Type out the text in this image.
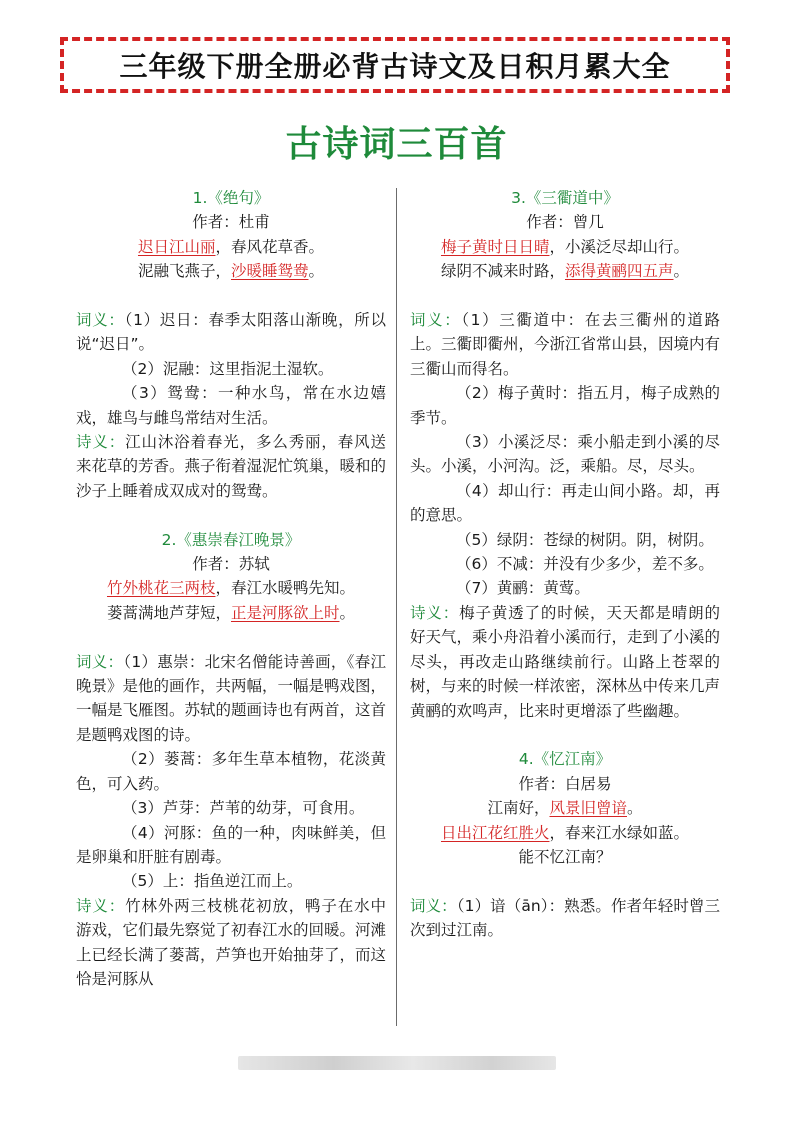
三年级下册全册必背古诗文及日积月累大全
古诗词三百首
1.《绝句》
作者：杜甫
迟日江山丽，春风花草香。
泥融飞燕子，沙暖睡鸳鸯。
词义：（1）迟日：春季太阳落山渐晚，所以说“迟日”。
（2）泥融：这里指泥土湿软。
（3）鸳鸯：一种水鸟，常在水边嬉戏，雄鸟与雌鸟常结对生活。
诗义：江山沐浴着春光，多么秀丽，春风送来花草的芳香。燕子衔着湿泥忙筑巢，暖和的沙子上睡着成双成对的鸳鸯。
2.《惠崇春江晚景》
作者：苏轼
竹外桃花三两枝，春江水暖鸭先知。
蒌蒿满地芦芽短，正是河豚欲上时。
词义：（1）惠崇：北宋名僧能诗善画，《春江晚景》是他的画作，共两幅，一幅是鸭戏图，一幅是飞雁图。苏轼的题画诗也有两首，这首是题鸭戏图的诗。
（2）蒌蒿：多年生草本植物，花淡黄色，可入药。
（3）芦芽：芦苇的幼芽，可食用。
（4）河豚：鱼的一种，肉味鲜美，但是卵巢和肝脏有剧毒。
（5）上：指鱼逆江而上。
诗义：竹林外两三枝桃花初放，鸭子在水中游戏，它们最先察觉了初春江水的回暖。河滩上已经长满了蒌蒿，芦笋也开始抽芽了，而这恰是河豚从
3.《三衢道中》
作者：曾几
梅子黄时日日晴，小溪泛尽却山行。
绿阴不减来时路，添得黄鹂四五声。
词义：（1）三衢道中：在去三衢州的道路上。三衢即衢州，今浙江省常山县，因境内有三衢山而得名。
（2）梅子黄时：指五月，梅子成熟的季节。
（3）小溪泛尽：乘小船走到小溪的尽头。小溪，小河沟。泛，乘船。尽，尽头。
（4）却山行：再走山间小路。却，再的意思。
（5）绿阴：苍绿的树阴。阴，树阴。
（6）不减：并没有少多少，差不多。
（7）黄鹂：黄莺。
诗义：梅子黄透了的时候，天天都是晴朗的好天气，乘小舟沿着小溪而行，走到了小溪的尽头，再改走山路继续前行。山路上苍翠的树，与来的时候一样浓密，深林丛中传来几声黄鹂的欢鸣声，比来时更增添了些幽趣。
4.《忆江南》
作者：白居易
江南好，风景旧曾谙。
日出江花红胜火，春来江水绿如蓝。
能不忆江南？
词义：（1）谙（ān）：熟悉。作者年轻时曾三次到过江南。
